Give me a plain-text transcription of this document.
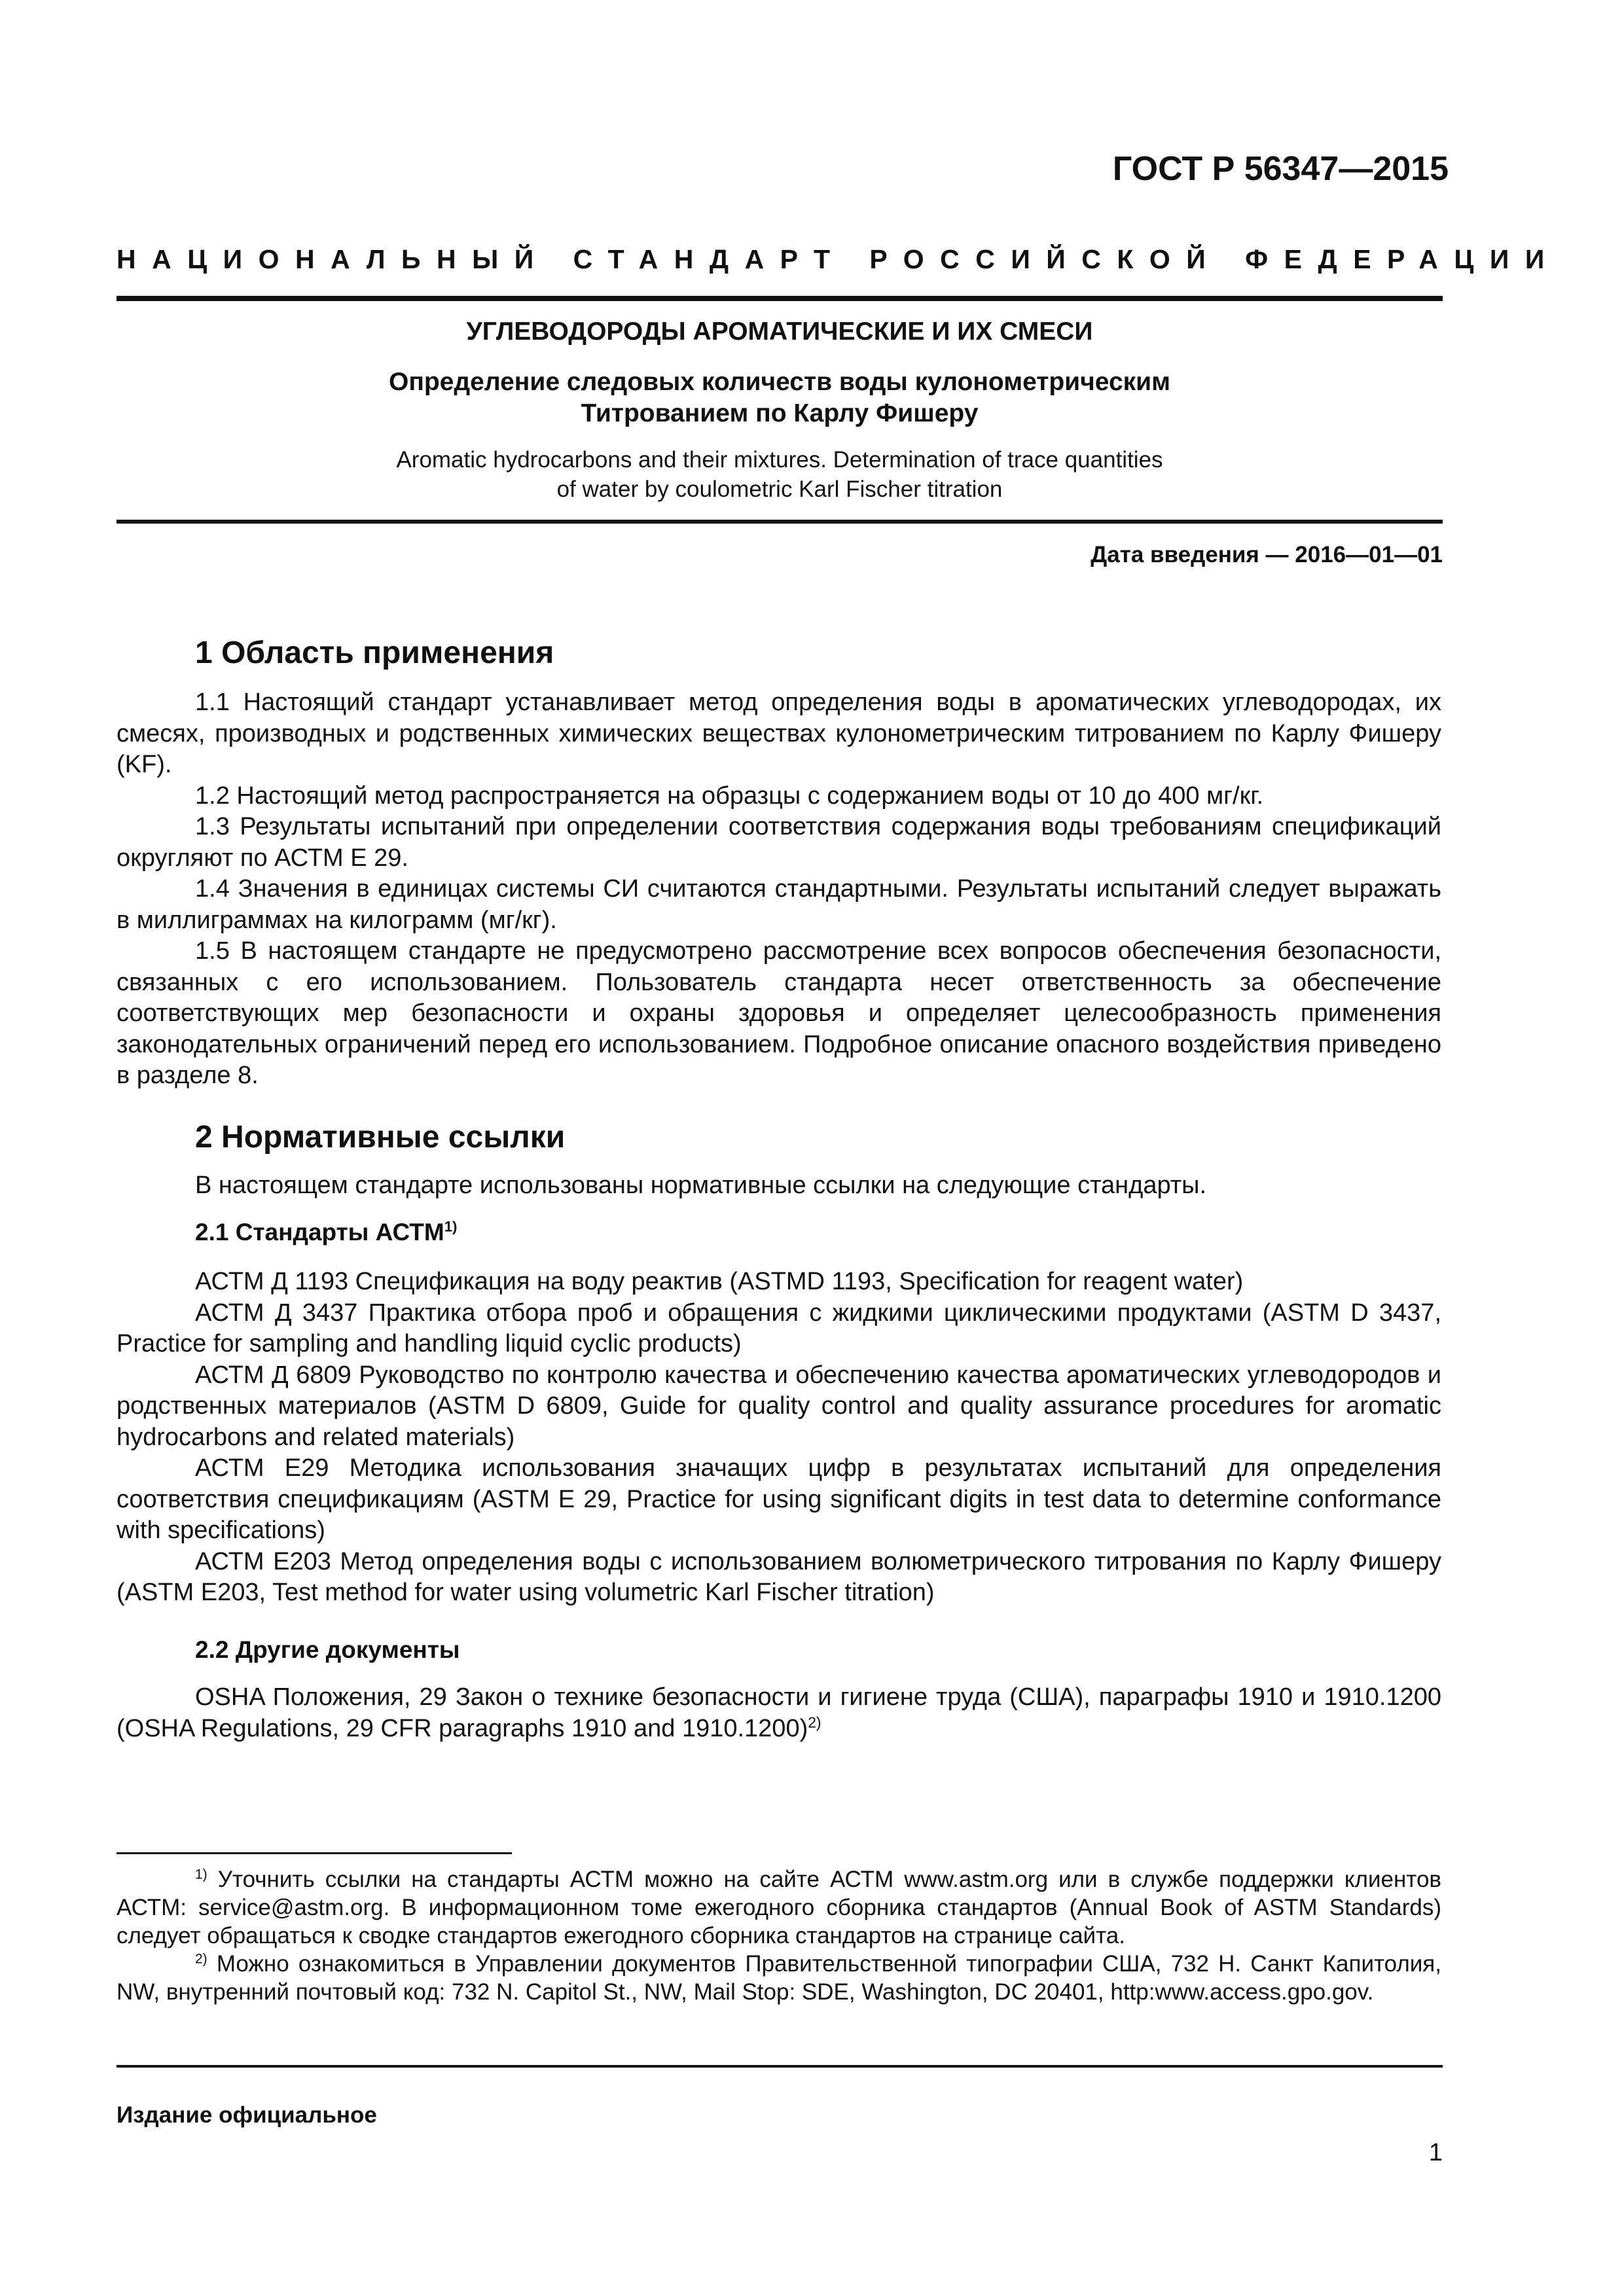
ГОСТ Р 56347—2015
НАЦИОНАЛЬНЫЙ СТАНДАРТ РОССИЙСКОЙ ФЕДЕРАЦИИ
УГЛЕВОДОРОДЫ АРОМАТИЧЕСКИЕ И ИХ СМЕСИ
Определение следовых количеств воды кулонометрическим
Титрованием по Карлу Фишеру
Aromatic hydrocarbons and their mixtures. Determination of trace quantities
of water by coulometric Karl Fischer titration
Дата введения — 2016—01—01
1 Область применения

1.1 Настоящий стандарт устанавливает метод определения воды в ароматических углеводородах, их смесях, производных и родственных химических веществах кулонометрическим титрованием по Карлу Фишеру (KF).

1.2 Настоящий метод распространяется на образцы с содержанием воды от 10 до 400 мг/кг.

1.3 Результаты испытаний при определении соответствия содержания воды требованиям спецификаций округляют по АСТМ Е 29.

1.4 Значения в единицах системы СИ считаются стандартными. Результаты испытаний следует выражать в миллиграммах на килограмм (мг/кг).

1.5 В настоящем стандарте не предусмотрено рассмотрение всех вопросов обеспечения безопасности, связанных с его использованием. Пользователь стандарта несет ответственность за обеспечение соответствующих мер безопасности и охраны здоровья и определяет целесообразность применения законодательных ограничений перед его использованием. Подробное описание опасного воздействия приведено в разделе 8.

2 Нормативные ссылки

В настоящем стандарте использованы нормативные ссылки на следующие стандарты.

2.1 Стандарты АСТМ$^{1)}$

АСТМ Д 1193 Спецификация на воду реактив (ASTMD 1193, Specification for reagent water)

АСТМ Д 3437 Практика отбора проб и обращения с жидкими циклическими продуктами (ASTM D 3437, Practice for sampling and handling liquid cyclic products)

АСТМ Д 6809 Руководство по контролю качества и обеспечению качества ароматических углеводородов и родственных материалов (ASTM D 6809, Guide for quality control and quality assurance procedures for aromatic hydrocarbons and related materials)

АСТМ Е29 Методика использования значащих цифр в результатах испытаний для определения соответствия спецификациям (ASTM E 29, Practice for using significant digits in test data to determine conformance with specifications)

АСТМ Е203 Метод определения воды с использованием волюметрического титрования по Карлу Фишеру (ASTM E203, Test method for water using volumetric Karl Fischer titration)

2.2 Другие документы

OSHA Положения, 29 Закон о технике безопасности и гигиене труда (США), параграфы 1910 и 1910.1200 (OSHA Regulations, 29 CFR paragraphs 1910 and 1910.1200)$^{2)}$

$^{1)}$ Уточнить ссылки на стандарты АСТМ можно на сайте АСТМ www.astm.org или в службе поддержки клиентов АСТМ: service@astm.org. В информационном томе ежегодного сборника стандартов (Annual Book of ASTM Standards) следует обращаться к сводке стандартов ежегодного сборника стандартов на странице сайта.

$^{2)}$ Можно ознакомиться в Управлении документов Правительственной типографии США, 732 Н. Санкт Капитолия, NW, внутренний почтовый код: 732 N. Capitol St., NW, Mail Stop: SDE, Washington, DC 20401, http:www.access.gpo.gov.

Издание официальное
1
